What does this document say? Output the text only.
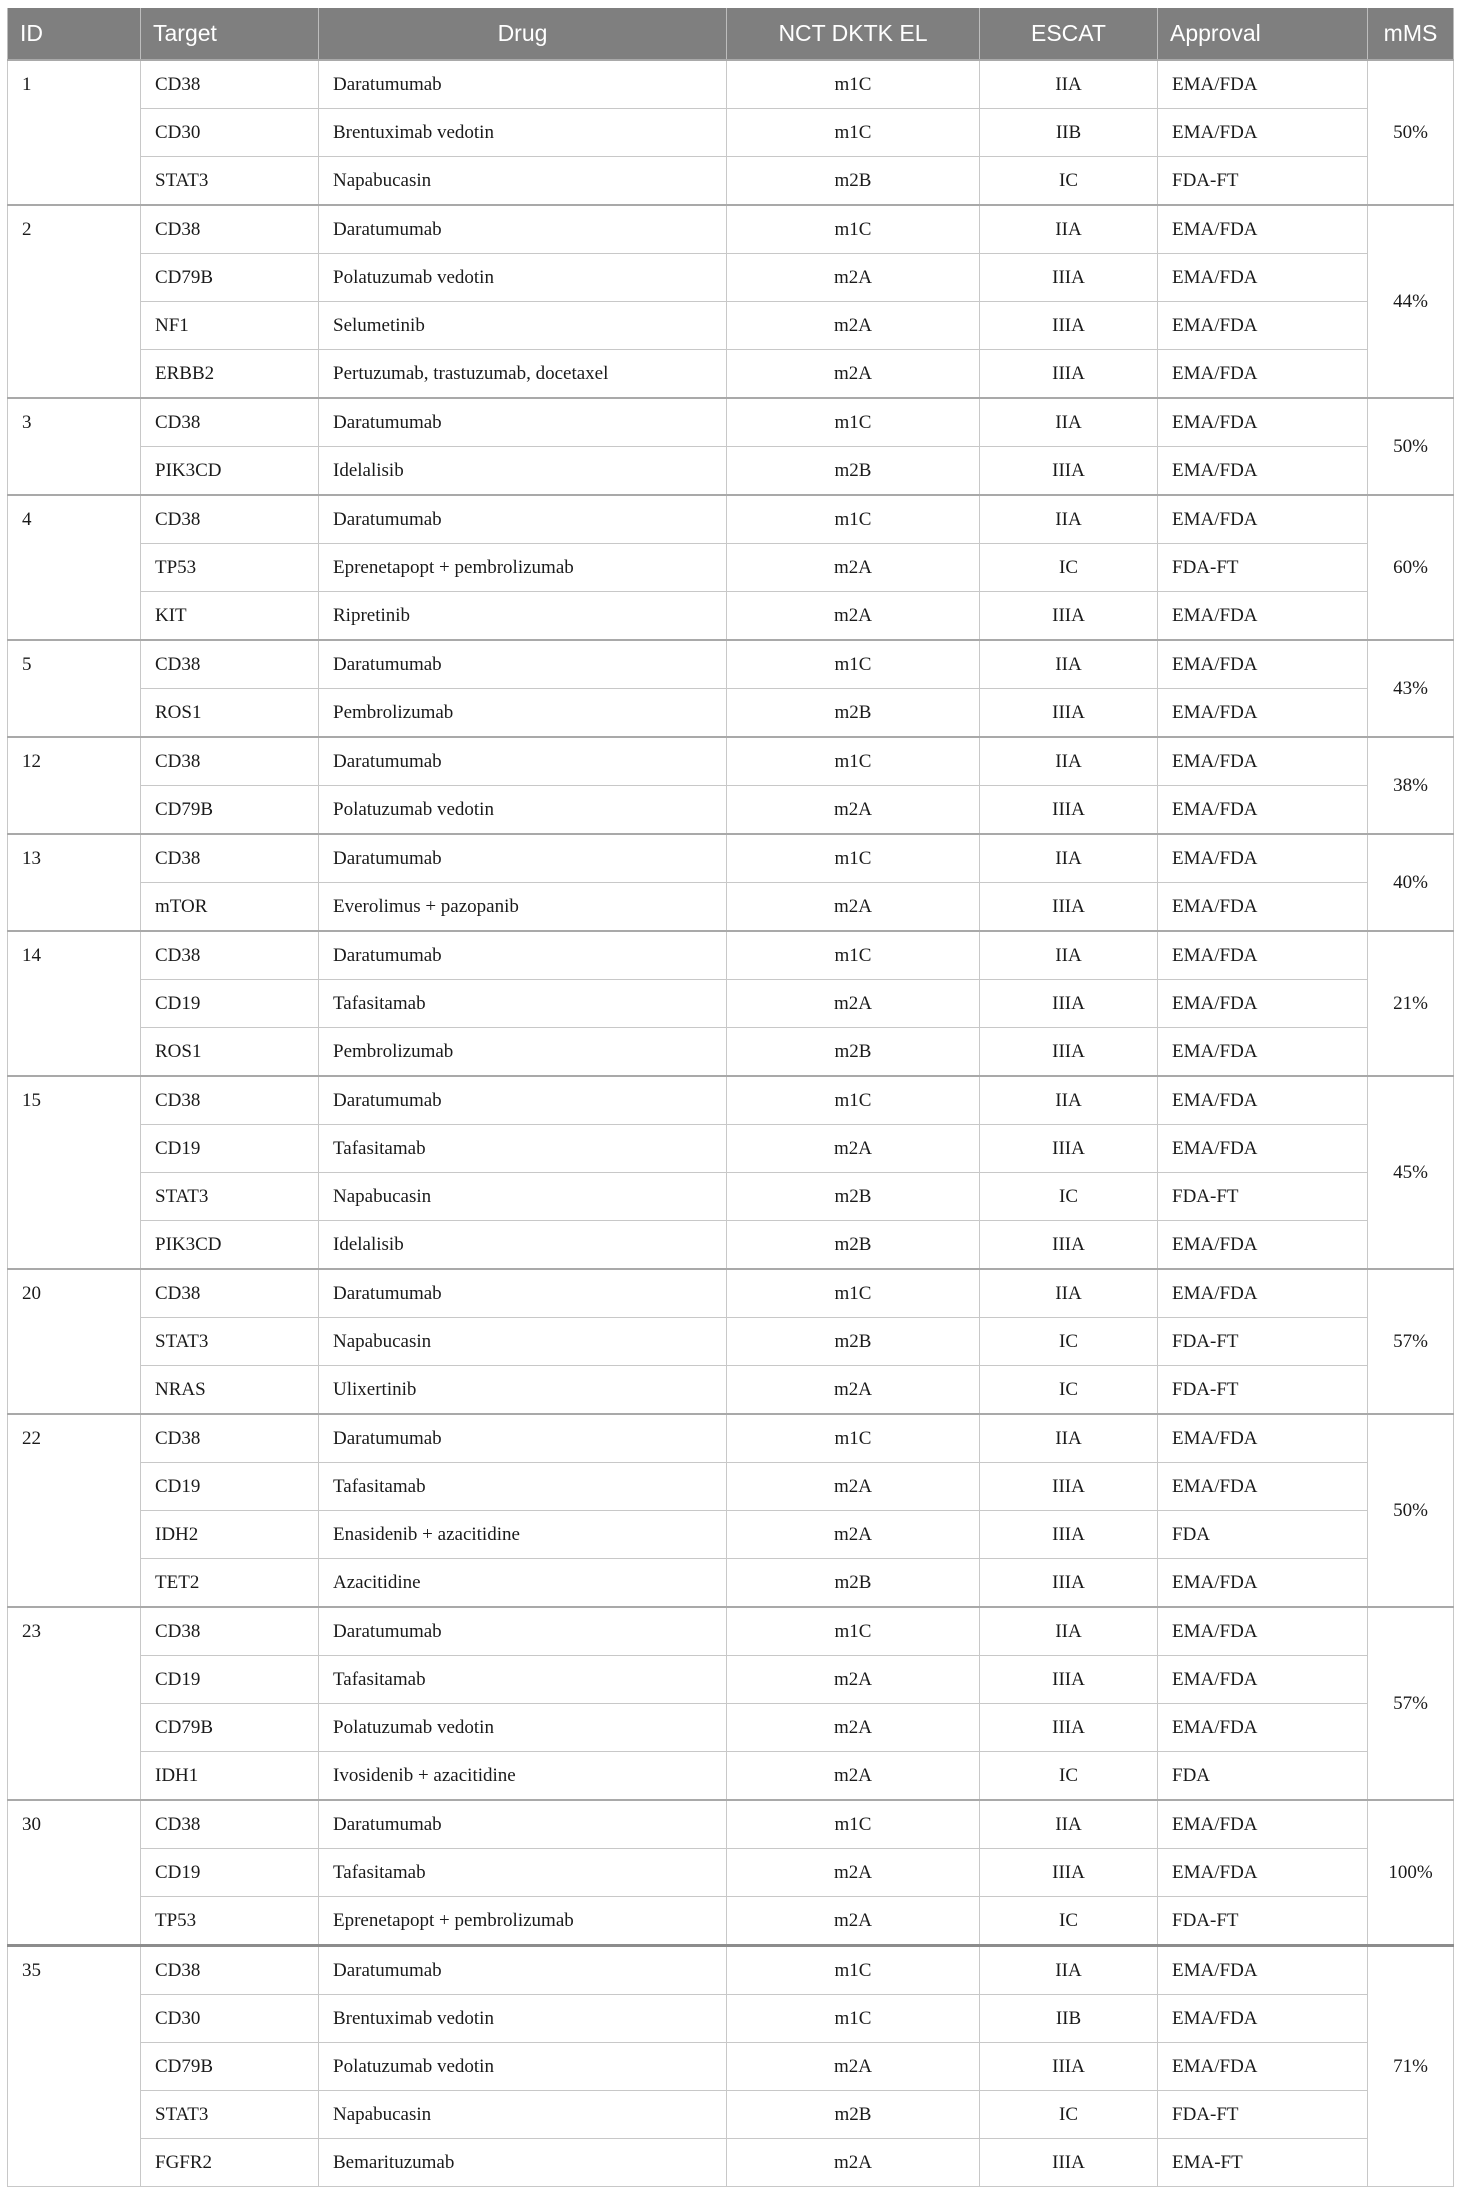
ID	Target	Drug	NCT DKTK EL	ESCAT	Approval	mMS
1	CD38	Daratumumab	m1C	IIA	EMA/FDA	50%
	CD30	Brentuximab vedotin	m1C	IIB	EMA/FDA	
	STAT3	Napabucasin	m2B	IC	FDA-FT	
2	CD38	Daratumumab	m1C	IIA	EMA/FDA	44%
	CD79B	Polatuzumab vedotin	m2A	IIIA	EMA/FDA	
	NF1	Selumetinib	m2A	IIIA	EMA/FDA	
	ERBB2	Pertuzumab, trastuzumab, docetaxel	m2A	IIIA	EMA/FDA	
3	CD38	Daratumumab	m1C	IIA	EMA/FDA	50%
	PIK3CD	Idelalisib	m2B	IIIA	EMA/FDA	
4	CD38	Daratumumab	m1C	IIA	EMA/FDA	60%
	TP53	Eprenetapopt + pembrolizumab	m2A	IC	FDA-FT	
	KIT	Ripretinib	m2A	IIIA	EMA/FDA	
5	CD38	Daratumumab	m1C	IIA	EMA/FDA	43%
	ROS1	Pembrolizumab	m2B	IIIA	EMA/FDA	
12	CD38	Daratumumab	m1C	IIA	EMA/FDA	38%
	CD79B	Polatuzumab vedotin	m2A	IIIA	EMA/FDA	
13	CD38	Daratumumab	m1C	IIA	EMA/FDA	40%
	mTOR	Everolimus + pazopanib	m2A	IIIA	EMA/FDA	
14	CD38	Daratumumab	m1C	IIA	EMA/FDA	21%
	CD19	Tafasitamab	m2A	IIIA	EMA/FDA	
	ROS1	Pembrolizumab	m2B	IIIA	EMA/FDA	
15	CD38	Daratumumab	m1C	IIA	EMA/FDA	45%
	CD19	Tafasitamab	m2A	IIIA	EMA/FDA	
	STAT3	Napabucasin	m2B	IC	FDA-FT	
	PIK3CD	Idelalisib	m2B	IIIA	EMA/FDA	
20	CD38	Daratumumab	m1C	IIA	EMA/FDA	57%
	STAT3	Napabucasin	m2B	IC	FDA-FT	
	NRAS	Ulixertinib	m2A	IC	FDA-FT	
22	CD38	Daratumumab	m1C	IIA	EMA/FDA	50%
	CD19	Tafasitamab	m2A	IIIA	EMA/FDA	
	IDH2	Enasidenib + azacitidine	m2A	IIIA	FDA	
	TET2	Azacitidine	m2B	IIIA	EMA/FDA	
23	CD38	Daratumumab	m1C	IIA	EMA/FDA	57%
	CD19	Tafasitamab	m2A	IIIA	EMA/FDA	
	CD79B	Polatuzumab vedotin	m2A	IIIA	EMA/FDA	
	IDH1	Ivosidenib + azacitidine	m2A	IC	FDA	
30	CD38	Daratumumab	m1C	IIA	EMA/FDA	100%
	CD19	Tafasitamab	m2A	IIIA	EMA/FDA	
	TP53	Eprenetapopt + pembrolizumab	m2A	IC	FDA-FT	
35	CD38	Daratumumab	m1C	IIA	EMA/FDA	71%
	CD30	Brentuximab vedotin	m1C	IIB	EMA/FDA	
	CD79B	Polatuzumab vedotin	m2A	IIIA	EMA/FDA	
	STAT3	Napabucasin	m2B	IC	FDA-FT	
	FGFR2	Bemarituzumab	m2A	IIIA	EMA-FT	
